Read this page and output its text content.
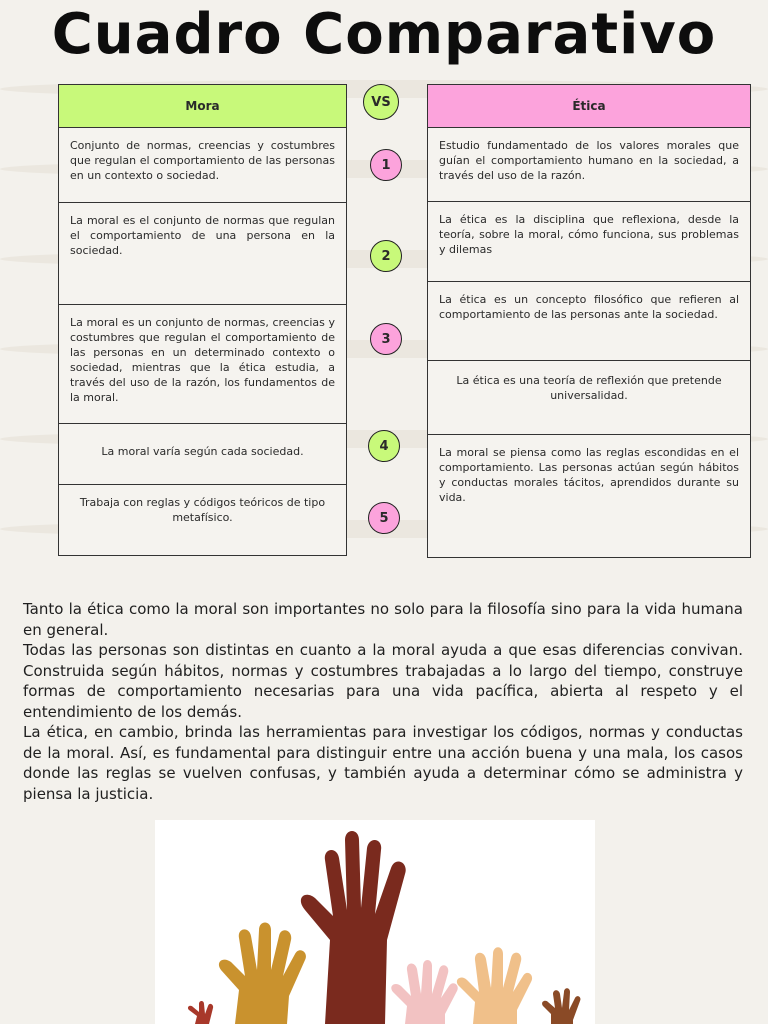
Cuadro Comparativo
Mora
Conjunto de normas, creencias y costumbres que regulan el comportamiento de las personas en un contexto o sociedad.
La moral es el conjunto de normas que regulan el comportamiento de una persona en la sociedad.
La moral es un conjunto de normas, creencias y costumbres que regulan el comportamiento de las personas en un determinado contexto o sociedad, mientras que la ética estudia, a través del uso de la razón, los fundamentos de la moral.
La moral varía según cada sociedad.
Trabaja con reglas y códigos teóricos de tipo metafísico.
Ética
Estudio fundamentado de los valores morales que guían el comportamiento humano en la sociedad, a través del uso de la razón.
La ética es la disciplina que reflexiona, desde la teoría, sobre la moral, cómo funciona, sus problemas y dilemas
La ética es un concepto filosófico que refieren al comportamiento de las personas ante la sociedad.
La ética es una teoría de reflexión que pretende universalidad.
La moral se piensa como las reglas escondidas en el comportamiento. Las personas actúan según hábitos y conductas morales tácitos, aprendidos durante su vida.
VS
1
2
3
4
5

Tanto la ética como la moral son importantes no solo para la filosofía sino para la vida humana en general.

Todas las personas son distintas en cuanto a la moral ayuda a que esas diferencias convivan. Construida según hábitos, normas y costumbres trabajadas a lo largo del tiempo, construye formas de comportamiento necesarias para una vida pacífica, abierta al respeto y el entendimiento de los demás.

La ética, en cambio, brinda las herramientas para investigar los códigos, normas y conductas de la moral. Así, es fundamental para distinguir entre una acción buena y una mala, los casos donde las reglas se vuelven confusas, y también ayuda a determinar cómo se administra y piensa la justicia.
